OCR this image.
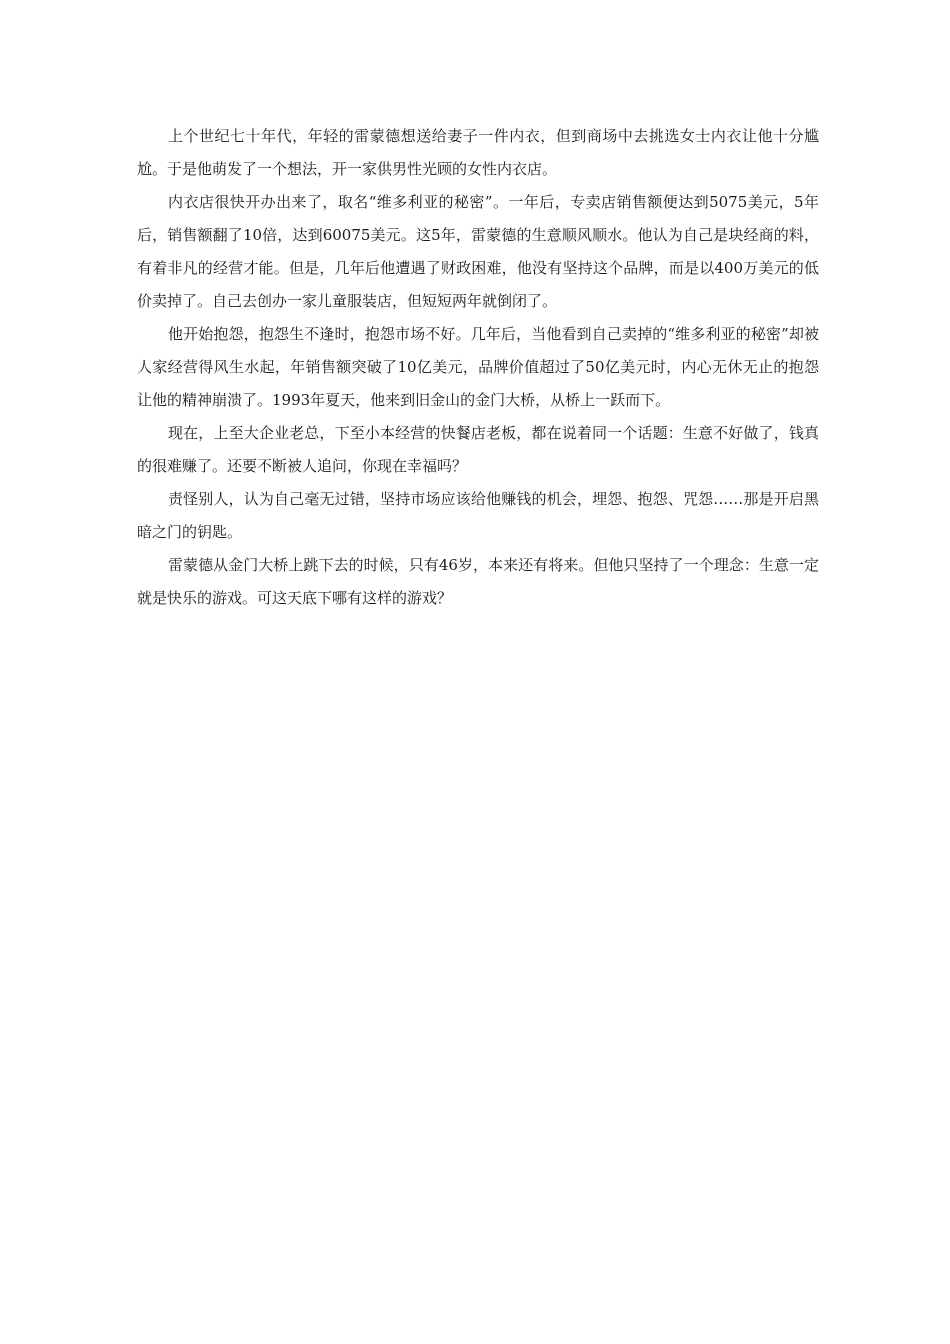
上个世纪七十年代，年轻的雷蒙德想送给妻子一件内衣，但到商场中去挑选女士内衣让他十分尴尬。于是他萌发了一个想法，开一家供男性光顾的女性内衣店。

内衣店很快开办出来了，取名“维多利亚的秘密”。一年后，专卖店销售额便达到5075美元，5年后，销售额翻了10倍，达到60075美元。这5年，雷蒙德的生意顺风顺水。他认为自己是块经商的料，有着非凡的经营才能。但是，几年后他遭遇了财政困难，他没有坚持这个品牌，而是以400万美元的低价卖掉了。自己去创办一家儿童服装店，但短短两年就倒闭了。

他开始抱怨，抱怨生不逢时，抱怨市场不好。几年后，当他看到自己卖掉的“维多利亚的秘密”却被人家经营得风生水起，年销售额突破了10亿美元，品牌价值超过了50亿美元时，内心无休无止的抱怨让他的精神崩溃了。1993年夏天，他来到旧金山的金门大桥，从桥上一跃而下。

现在，上至大企业老总，下至小本经营的快餐店老板，都在说着同一个话题：生意不好做了，钱真的很难赚了。还要不断被人追问，你现在幸福吗？

责怪别人，认为自己毫无过错，坚持市场应该给他赚钱的机会，埋怨、抱怨、咒怨……那是开启黑暗之门的钥匙。

雷蒙德从金门大桥上跳下去的时候，只有46岁，本来还有将来。但他只坚持了一个理念：生意一定就是快乐的游戏。可这天底下哪有这样的游戏？
